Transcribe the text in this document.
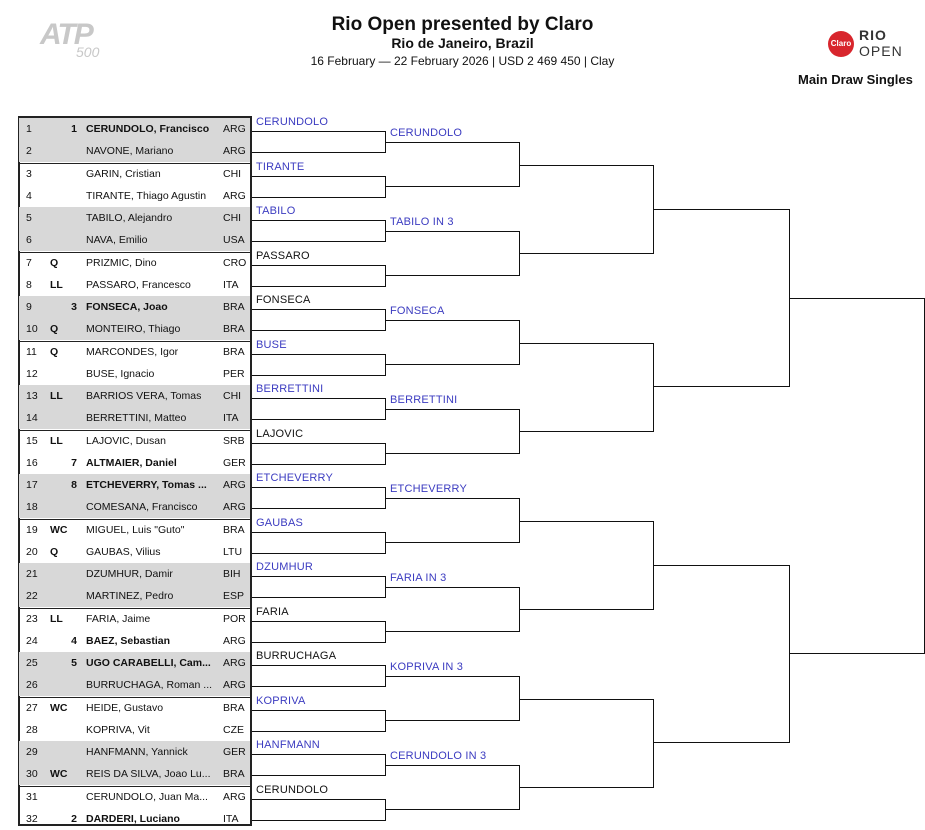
ATP
500
Rio Open presented by Claro
Rio de Janeiro, Brazil
16 February — 22 February 2026 | USD 2 469 450 | Clay
Claro
RIO
OPEN
Main Draw Singles
1	1 CERUNDOLO, Francisco	ARG
2	NAVONE, Mariano	ARG
3	GARIN, Cristian	CHI
4	TIRANTE, Thiago Agustin	ARG
5	TABILO, Alejandro	CHI
6	NAVA, Emilio	USA
7	Q	PRIZMIC, Dino	CRO
8	LL	PASSARO, Francesco	ITA
9	3 FONSECA, Joao	BRA
10	Q	MONTEIRO, Thiago	BRA
11	Q	MARCONDES, Igor	BRA
12	BUSE, Ignacio	PER
13	LL	BARRIOS VERA, Tomas	CHI
14	BERRETTINI, Matteo	ITA
15	LL	LAJOVIC, Dusan	SRB
16	7 ALTMAIER, Daniel	GER
17	8 ETCHEVERRY, Tomas ...	ARG
18	COMESANA, Francisco	ARG
19	WC MIGUEL, Luis "Guto"	BRA
20	Q	GAUBAS, Vilius	LTU
21	DZUMHUR, Damir	BIH
22	MARTINEZ, Pedro	ESP
23	LL	FARIA, Jaime	POR
24	4 BAEZ, Sebastian	ARG
25	5 UGO CARABELLI, Cam...	ARG
26	BURRUCHAGA, Roman ...	ARG
27	WC HEIDE, Gustavo	BRA
28	KOPRIVA, Vit	CZE
29	HANFMANN, Yannick	GER
30	WC REIS DA SILVA, Joao Lu...	BRA
31	CERUNDOLO, Juan Ma...	ARG
32	2 DARDERI, Luciano	ITA
CERUNDOLO
TIRANTE
TABILO
PASSARO
FONSECA
BUSE
BERRETTINI
LAJOVIC
ETCHEVERRY
GAUBAS
DZUMHUR
FARIA
BURRUCHAGA
KOPRIVA
HANFMANN
CERUNDOLO
CERUNDOLO
TABILO IN 3
FONSECA
BERRETTINI
ETCHEVERRY
FARIA IN 3
KOPRIVA IN 3
CERUNDOLO IN 3
